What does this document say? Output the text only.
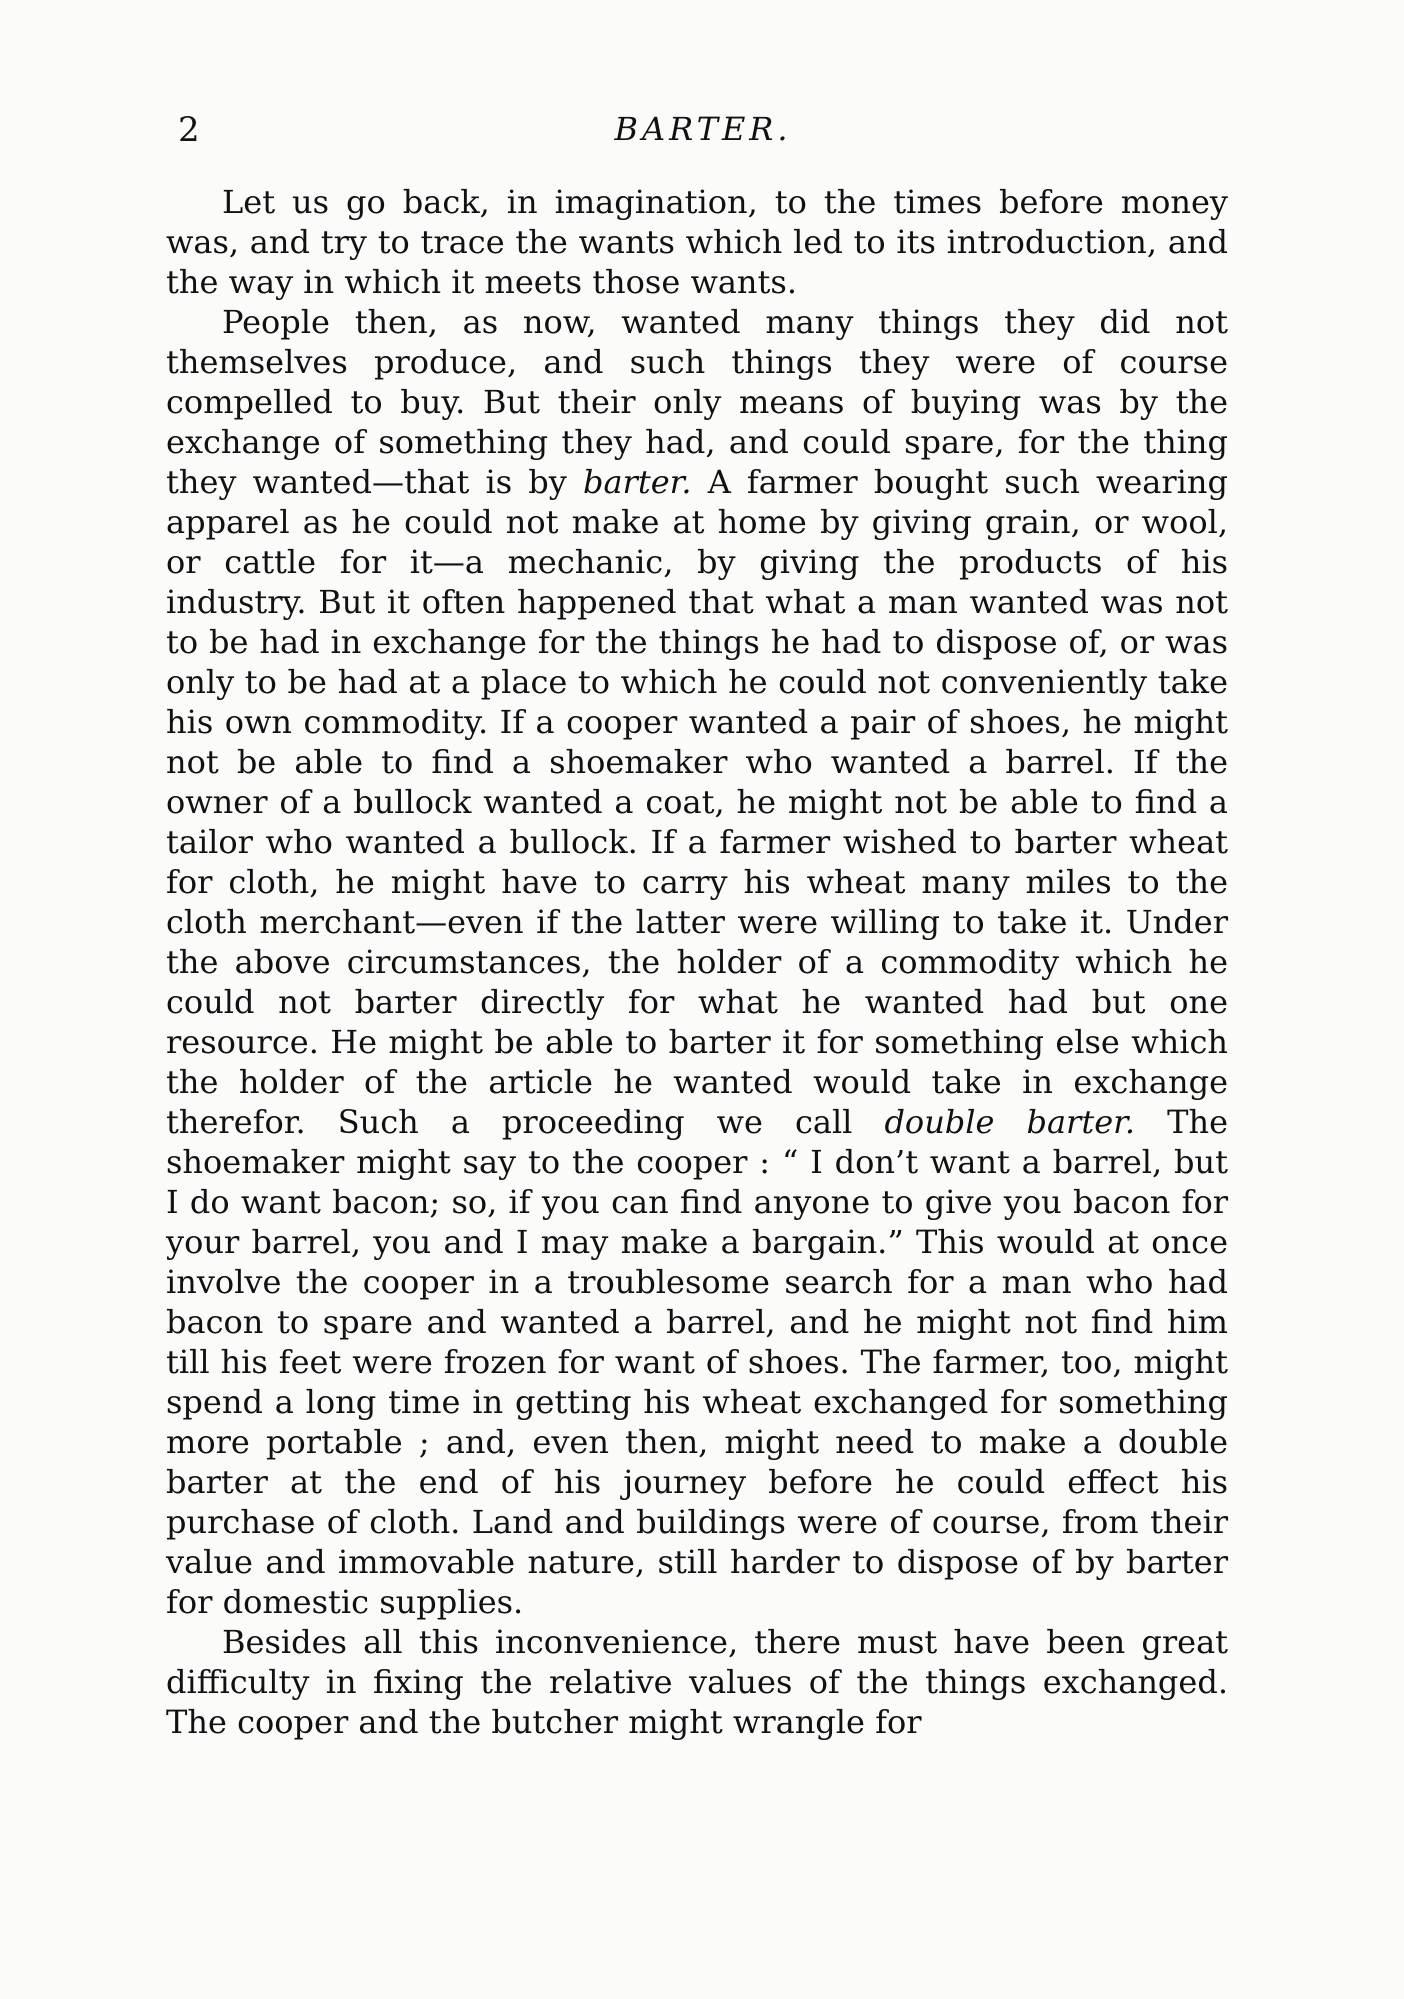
2	BARTER.

Let us go back, in imagination, to the times before money was, and try to trace the wants which led to its introduction, and the way in which it meets those wants.

People then, as now, wanted many things they did not themselves produce, and such things they were of course compelled to buy. But their only means of buying was by the exchange of something they had, and could spare, for the thing they wanted—that is by barter. A farmer bought such wearing apparel as he could not make at home by giving grain, or wool, or cattle for it—a mechanic, by giving the products of his industry. But it often happened that what a man wanted was not to be had in exchange for the things he had to dispose of, or was only to be had at a place to which he could not conveniently take his own commodity. If a cooper wanted a pair of shoes, he might not be able to find a shoemaker who wanted a barrel. If the owner of a bullock wanted a coat, he might not be able to find a tailor who wanted a bullock. If a farmer wished to barter wheat for cloth, he might have to carry his wheat many miles to the cloth merchant—even if the latter were willing to take it. Under the above circumstances, the holder of a commodity which he could not barter directly for what he wanted had but one resource. He might be able to barter it for something else which the holder of the article he wanted would take in exchange therefor. Such a proceeding we call double barter. The shoemaker might say to the cooper : “ I don’t want a barrel, but I do want bacon; so, if you can find anyone to give you bacon for your barrel, you and I may make a bargain.” This would at once involve the cooper in a troublesome search for a man who had bacon to spare and wanted a barrel, and he might not find him till his feet were frozen for want of shoes. The farmer, too, might spend a long time in getting his wheat exchanged for something more portable ; and, even then, might need to make a double barter at the end of his journey before he could effect his purchase of cloth. Land and buildings were of course, from their value and immovable nature, still harder to dispose of by barter for domestic supplies.

Besides all this inconvenience, there must have been great difficulty in fixing the relative values of the things exchanged. The cooper and the butcher might wrangle for
